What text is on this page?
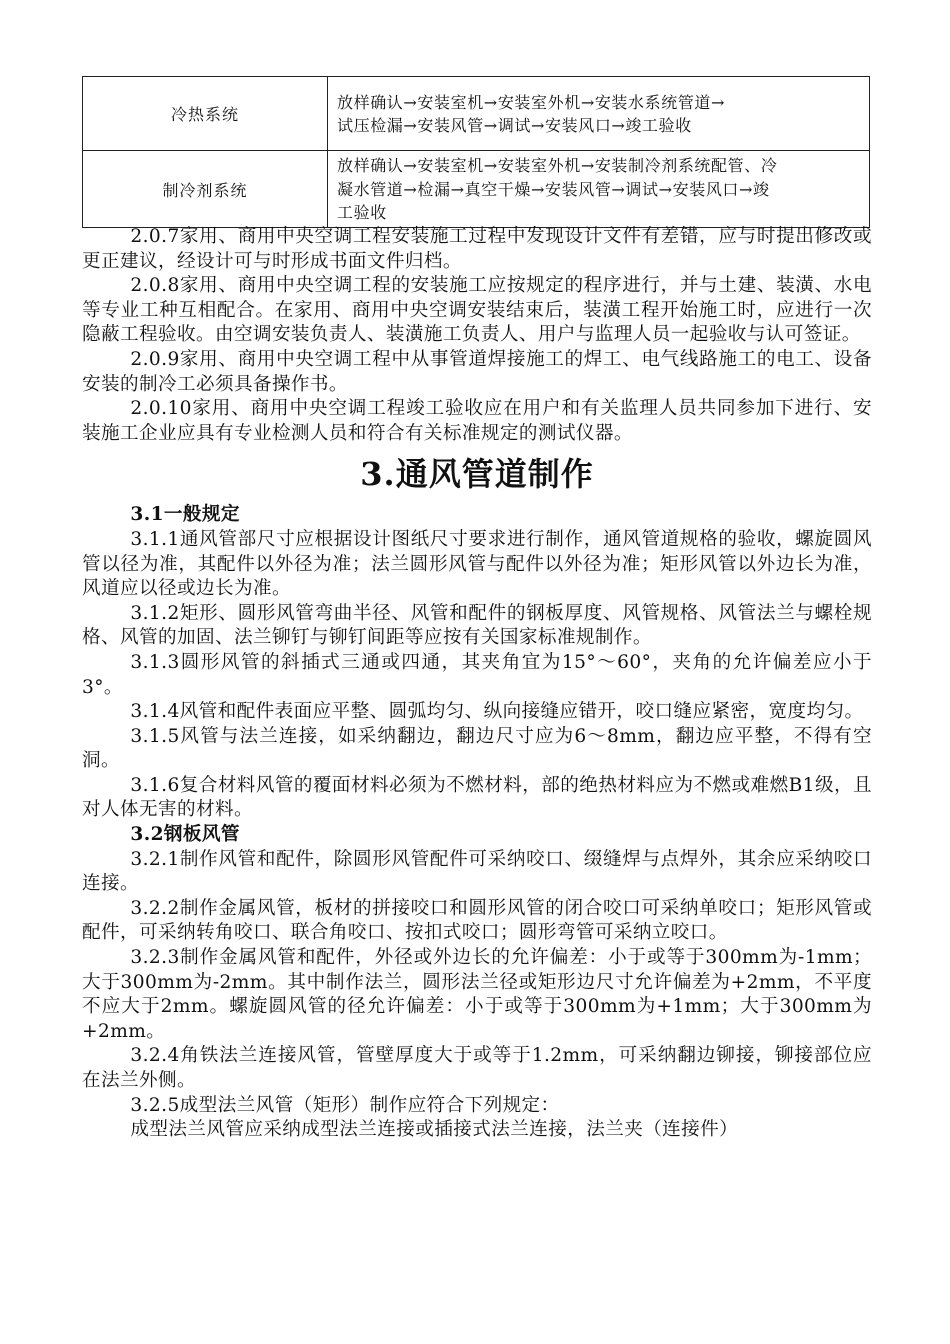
冷热系统	放样确认→安装室机→安装室外机→安装水系统管道→
试压检漏→安装风管→调试→安装风口→竣工验收

制冷剂系统	放样确认→安装室机→安装室外机→安装制冷剂系统配管、冷
凝水管道→检漏→真空干燥→安装风管→调试→安装风口→竣
工验收

2.0.7家用、商用中央空调工程安装施工过程中发现设计文件有差错，应与时提出修改或更正建议，经设计可与时形成书面文件归档。

2.0.8家用、商用中央空调工程的安装施工应按规定的程序进行，并与土建、装潢、水电等专业工种互相配合。在家用、商用中央空调安装结束后，装潢工程开始施工时，应进行一次隐蔽工程验收。由空调安装负责人、装潢施工负责人、用户与监理人员一起验收与认可签证。

2.0.9家用、商用中央空调工程中从事管道焊接施工的焊工、电气线路施工的电工、设备安装的制冷工必须具备操作书。

2.0.10家用、商用中央空调工程竣工验收应在用户和有关监理人员共同参加下进行、安装施工企业应具有专业检测人员和符合有关标准规定的测试仪器。

3.通风管道制作
3.1一般规定

3.1.1通风管部尺寸应根据设计图纸尺寸要求进行制作，通风管道规格的验收，螺旋圆风管以径为准，其配件以外径为准；法兰圆形风管与配件以外径为准；矩形风管以外边长为准，风道应以径或边长为准。

3.1.2矩形、圆形风管弯曲半径、风管和配件的钢板厚度、风管规格、风管法兰与螺栓规格、风管的加固、法兰铆钉与铆钉间距等应按有关国家标准规制作。

3.1.3圆形风管的斜插式三通或四通，其夹角宜为15°～60°，夹角的允许偏差应小于3°。

3.1.4风管和配件表面应平整、圆弧均匀、纵向接缝应错开，咬口缝应紧密，宽度均匀。

3.1.5风管与法兰连接，如采纳翻边，翻边尺寸应为6～8mm，翻边应平整，不得有空洞。

3.1.6复合材料风管的覆面材料必须为不燃材料，部的绝热材料应为不燃或难燃B1级，且对人体无害的材料。

3.2钢板风管

3.2.1制作风管和配件，除圆形风管配件可采纳咬口、缀缝焊与点焊外，其余应采纳咬口连接。

3.2.2制作金属风管，板材的拼接咬口和圆形风管的闭合咬口可采纳单咬口；矩形风管或配件，可采纳转角咬口、联合角咬口、按扣式咬口；圆形弯管可采纳立咬口。

3.2.3制作金属风管和配件，外径或外边长的允许偏差：小于或等于300mm为-1mm；大于300mm为-2mm。其中制作法兰，圆形法兰径或矩形边尺寸允许偏差为+2mm，不平度不应大于2mm。螺旋圆风管的径允许偏差：小于或等于300mm为+1mm；大于300mm为+2mm。

3.2.4角铁法兰连接风管，管壁厚度大于或等于1.2mm，可采纳翻边铆接，铆接部位应在法兰外侧。

3.2.5成型法兰风管（矩形）制作应符合下列规定：

成型法兰风管应采纳成型法兰连接或插接式法兰连接，法兰夹（连接件）
